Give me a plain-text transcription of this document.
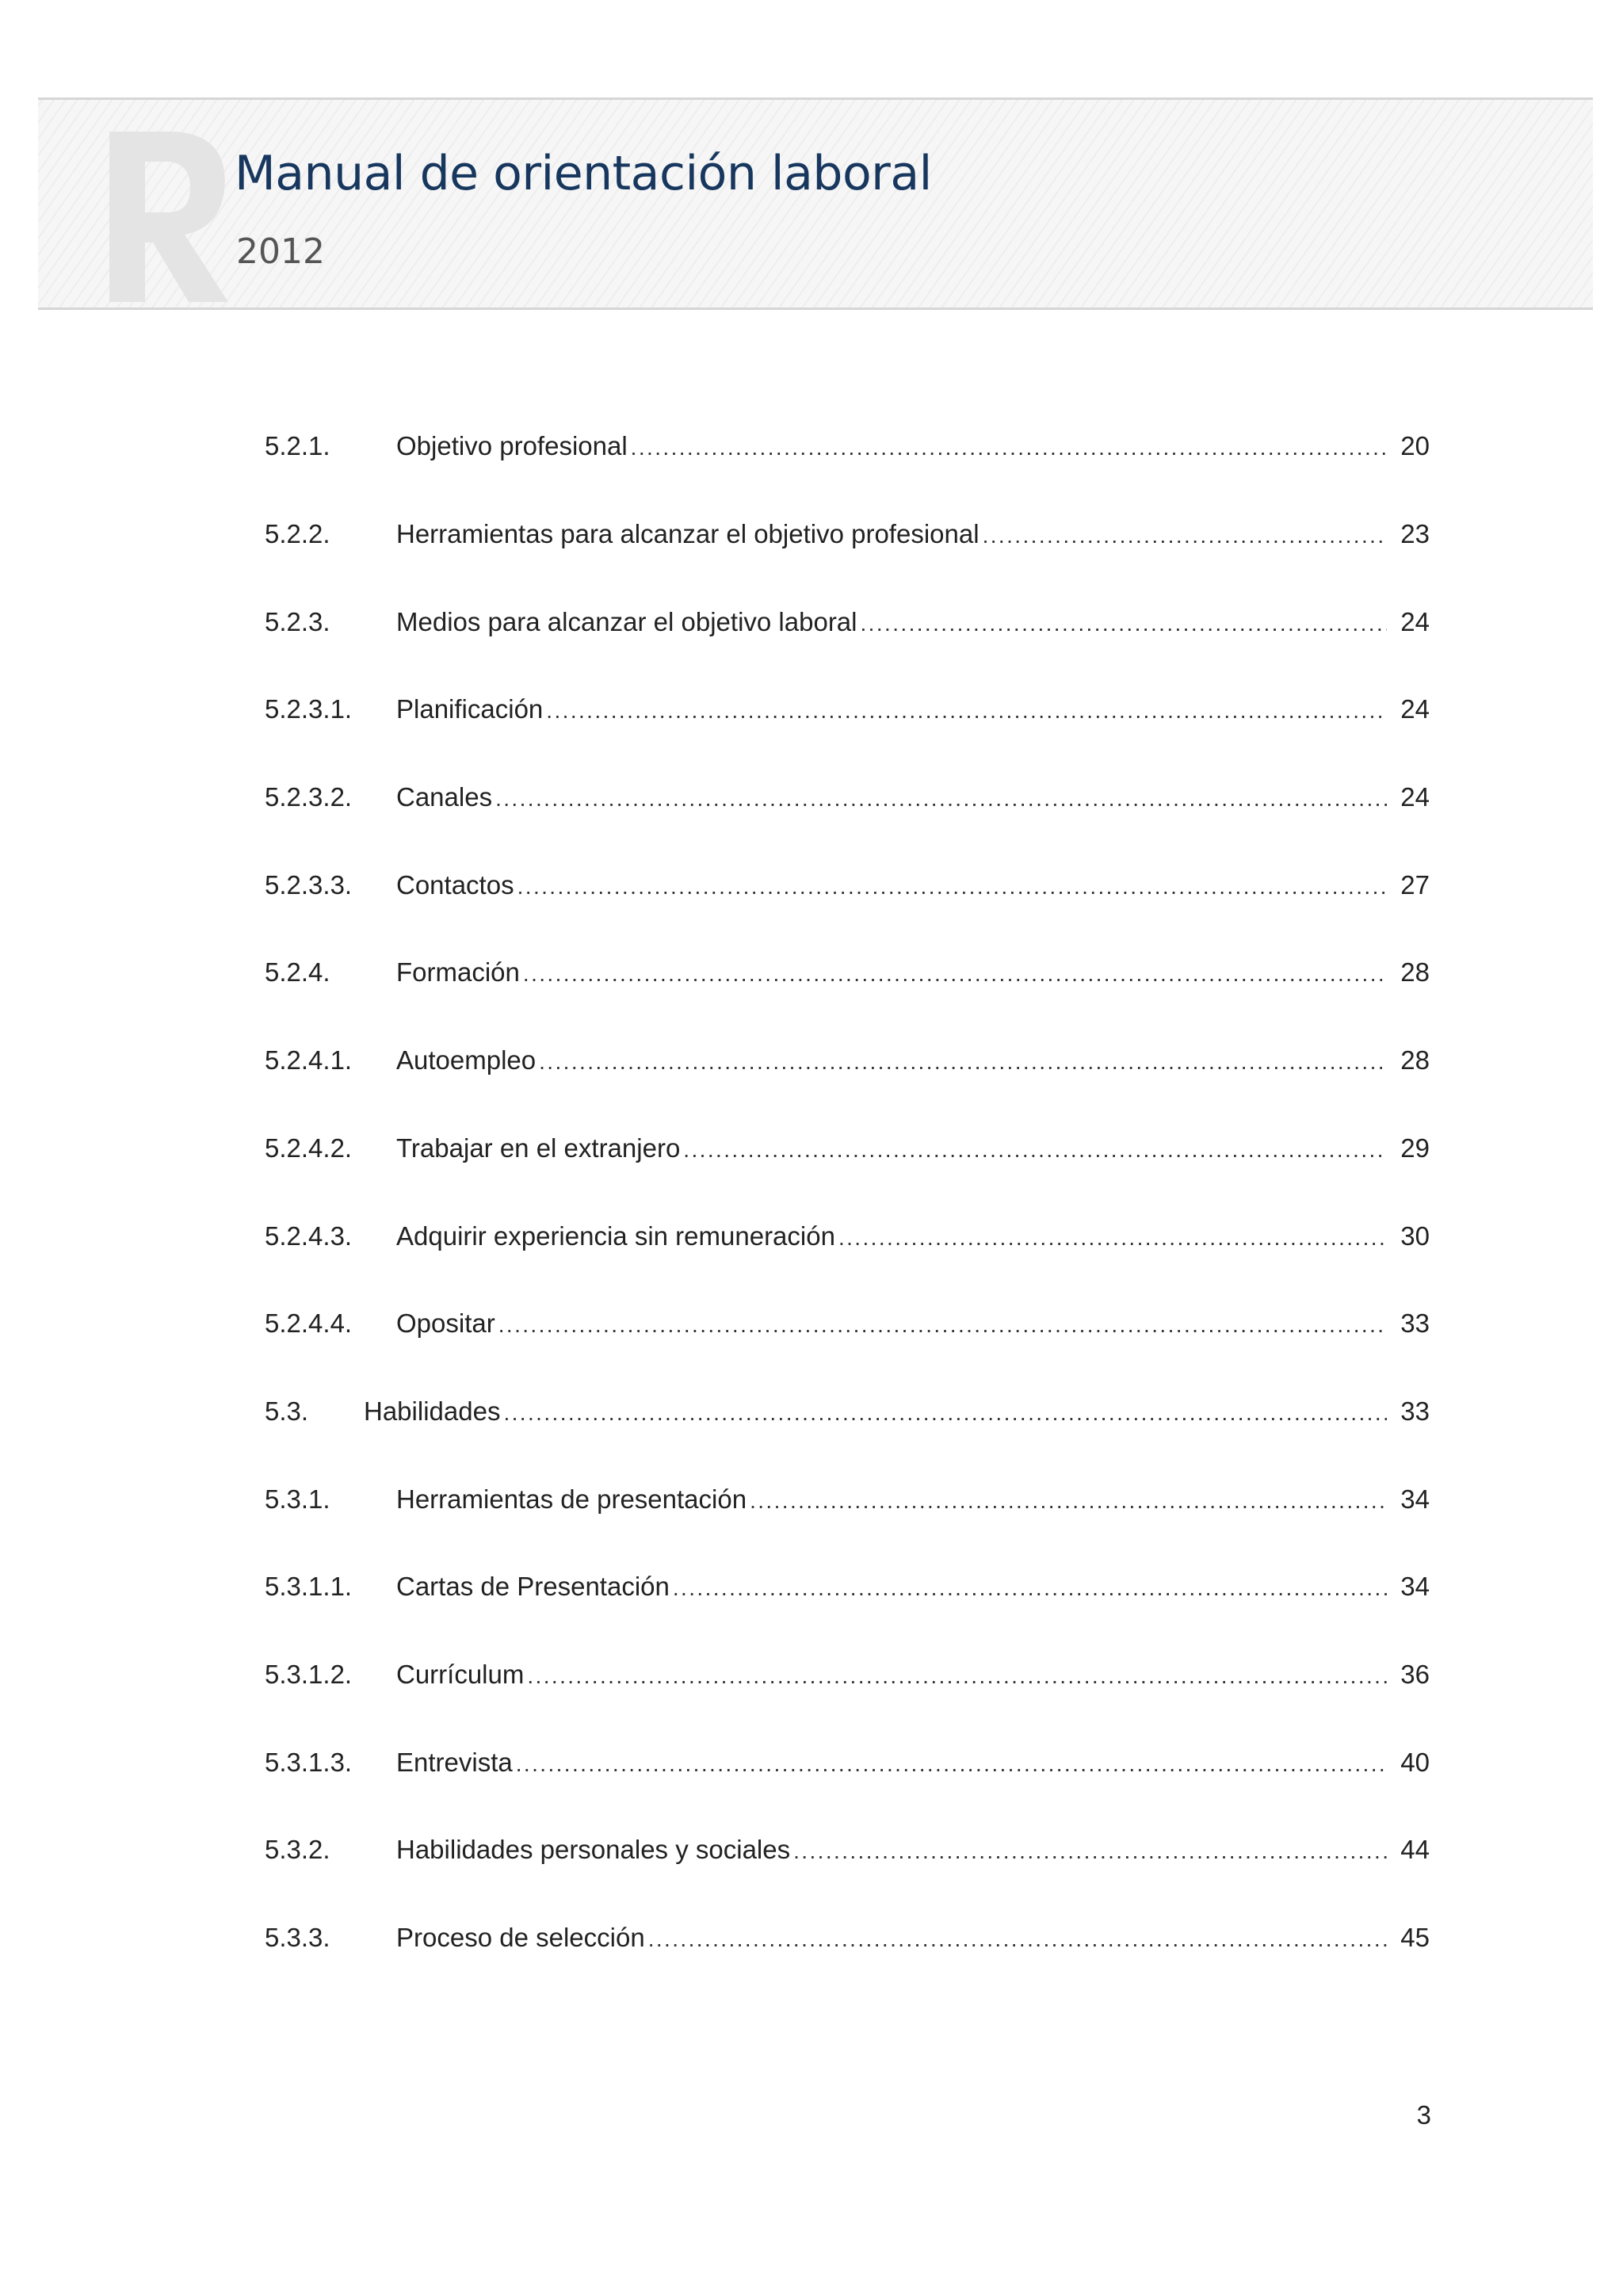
Manual de orientación laboral
2012
5.2.1.	Objetivo profesional .....	20
5.2.2.	Herramientas para alcanzar el objetivo profesional .....	23
5.2.3.	Medios para alcanzar el objetivo laboral .....	24
5.2.3.1.	Planificación .....	24
5.2.3.2.	Canales .....	24
5.2.3.3.	Contactos .....	27
5.2.4.	Formación .....	28
5.2.4.1.	Autoempleo .....	28
5.2.4.2.	Trabajar en el extranjero .....	29
5.2.4.3.	Adquirir experiencia sin remuneración .....	30
5.2.4.4.	Opositar .....	33
5.3.	Habilidades .....	33
5.3.1.	Herramientas de presentación .....	34
5.3.1.1.	Cartas de Presentación .....	34
5.3.1.2.	Currículum .....	36
5.3.1.3.	Entrevista .....	40
5.3.2.	Habilidades personales y sociales .....	44
5.3.3.	Proceso de selección .....	45
3
